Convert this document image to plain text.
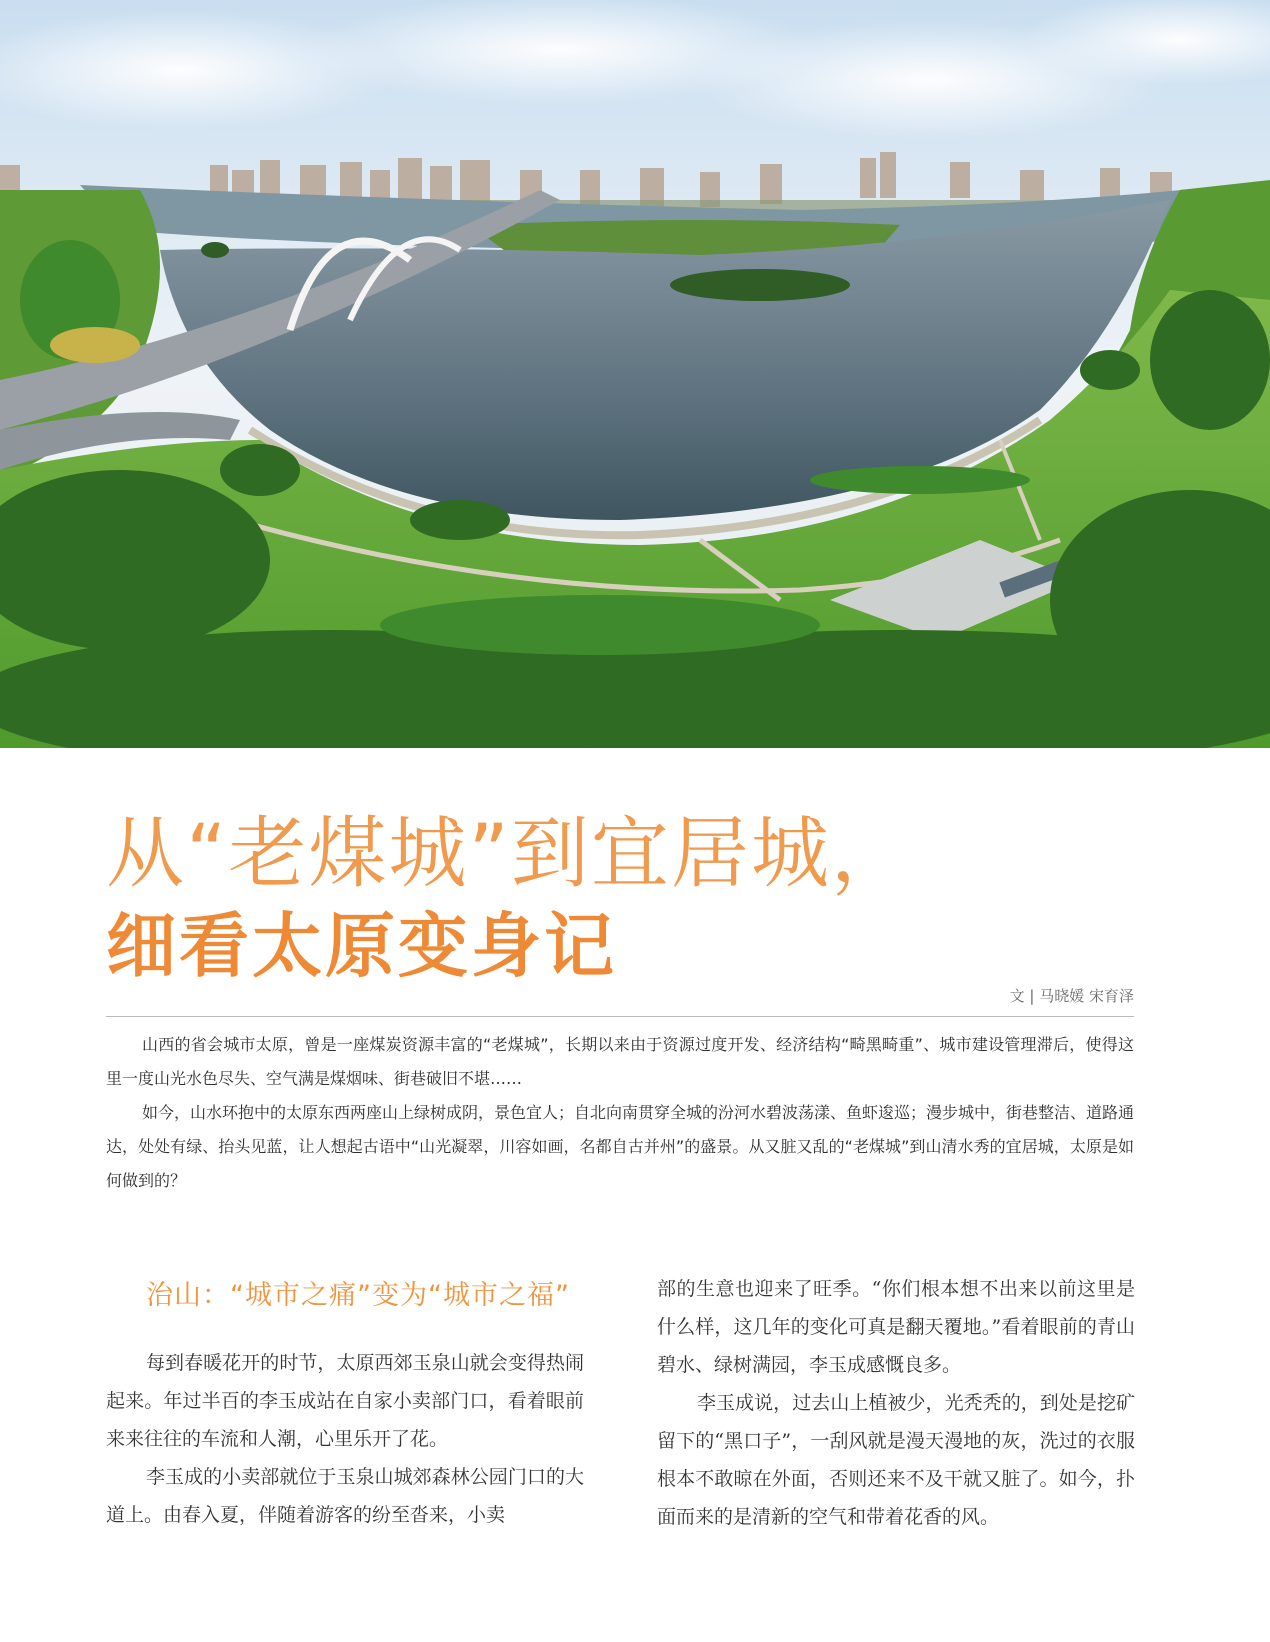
从“老煤城”到宜居城，
细看太原变身记
文 | 马晓媛 宋育泽

山西的省会城市太原，曾是一座煤炭资源丰富的“老煤城”，长期以来由于资源过度开发、经济结构“畸黑畸重”、城市建设管理滞后，使得这里一度山光水色尽失、空气满是煤烟味、街巷破旧不堪……

如今，山水环抱中的太原东西两座山上绿树成阴，景色宜人；自北向南贯穿全城的汾河水碧波荡漾、鱼虾逡巡；漫步城中，街巷整洁、道路通达，处处有绿、抬头见蓝，让人想起古语中“山光凝翠，川容如画，名都自古并州”的盛景。从又脏又乱的“老煤城”到山清水秀的宜居城，太原是如何做到的？

治山：“城市之痛”变为“城市之福”

每到春暖花开的时节，太原西郊玉泉山就会变得热闹起来。年过半百的李玉成站在自家小卖部门口，看着眼前来来往往的车流和人潮，心里乐开了花。

李玉成的小卖部就位于玉泉山城郊森林公园门口的大道上。由春入夏，伴随着游客的纷至沓来，小卖

部的生意也迎来了旺季。“你们根本想不出来以前这里是什么样，这几年的变化可真是翻天覆地。”看着眼前的青山碧水、绿树满园，李玉成感慨良多。

李玉成说，过去山上植被少，光秃秃的，到处是挖矿留下的“黑口子”，一刮风就是漫天漫地的灰，洗过的衣服根本不敢晾在外面，否则还来不及干就又脏了。如今，扑面而来的是清新的空气和带着花香的风。
